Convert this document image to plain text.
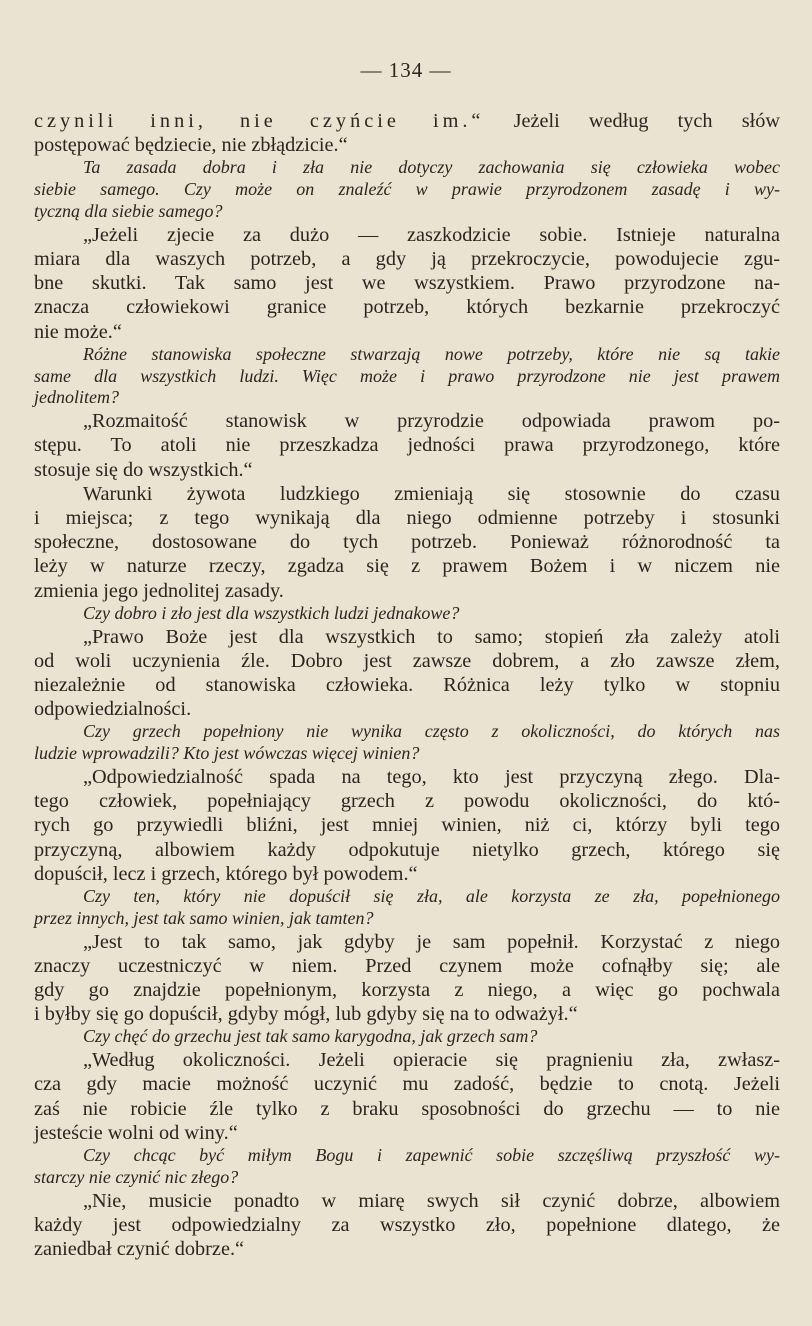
— 134 —

czynili inni, nie czyńcie im.“ Jeżeli według tych słów

postępować będziecie, nie zbłądzicie.“

Ta zasada dobra i zła nie dotyczy zachowania się człowieka wobec

siebie samego. Czy może on znaleźć w prawie przyrodzonem zasadę i wy-

tyczną dla siebie samego?

„Jeżeli zjecie za dużo — zaszkodzicie sobie. Istnieje naturalna

miara dla waszych potrzeb, a gdy ją przekroczycie, powodujecie zgu-

bne skutki. Tak samo jest we wszystkiem. Prawo przyrodzone na-

znacza człowiekowi granice potrzeb, których bezkarnie przekroczyć

nie może.“

Różne stanowiska społeczne stwarzają nowe potrzeby, które nie są takie

same dla wszystkich ludzi. Więc może i prawo przyrodzone nie jest prawem

jednolitem?

„Rozmaitość stanowisk w przyrodzie odpowiada prawom po-

stępu. To atoli nie przeszkadza jedności prawa przyrodzonego, które

stosuje się do wszystkich.“

Warunki żywota ludzkiego zmieniają się stosownie do czasu

i miejsca; z tego wynikają dla niego odmienne potrzeby i stosunki

społeczne, dostosowane do tych potrzeb. Ponieważ różnorodność ta

leży w naturze rzeczy, zgadza się z prawem Bożem i w niczem nie

zmienia jego jednolitej zasady.

Czy dobro i zło jest dla wszystkich ludzi jednakowe?

„Prawo Boże jest dla wszystkich to samo; stopień zła zależy atoli

od woli uczynienia źle. Dobro jest zawsze dobrem, a zło zawsze złem,

niezależnie od stanowiska człowieka. Różnica leży tylko w stopniu

odpowiedzialności.

Czy grzech popełniony nie wynika często z okoliczności, do których nas

ludzie wprowadzili? Kto jest wówczas więcej winien?

„Odpowiedzialność spada na tego, kto jest przyczyną złego. Dla-

tego człowiek, popełniający grzech z powodu okoliczności, do któ-

rych go przywiedli bliźni, jest mniej winien, niż ci, którzy byli tego

przyczyną, albowiem każdy odpokutuje nietylko grzech, którego się

dopuścił, lecz i grzech, którego był powodem.“

Czy ten, który nie dopuścił się zła, ale korzysta ze zła, popełnionego

przez innych, jest tak samo winien, jak tamten?

„Jest to tak samo, jak gdyby je sam popełnił. Korzystać z niego

znaczy uczestniczyć w niem. Przed czynem może cofnąłby się; ale

gdy go znajdzie popełnionym, korzysta z niego, a więc go pochwala

i byłby się go dopuścił, gdyby mógł, lub gdyby się na to odważył.“

Czy chęć do grzechu jest tak samo karygodna, jak grzech sam?

„Według okoliczności. Jeżeli opieracie się pragnieniu zła, zwłasz-

cza gdy macie możność uczynić mu zadość, będzie to cnotą. Jeżeli

zaś nie robicie źle tylko z braku sposobności do grzechu — to nie

jesteście wolni od winy.“

Czy chcąc być miłym Bogu i zapewnić sobie szczęśliwą przyszłość wy-

starczy nie czynić nic złego?

„Nie, musicie ponadto w miarę swych sił czynić dobrze, albowiem

każdy jest odpowiedzialny za wszystko zło, popełnione dlatego, że

zaniedbał czynić dobrze.“
